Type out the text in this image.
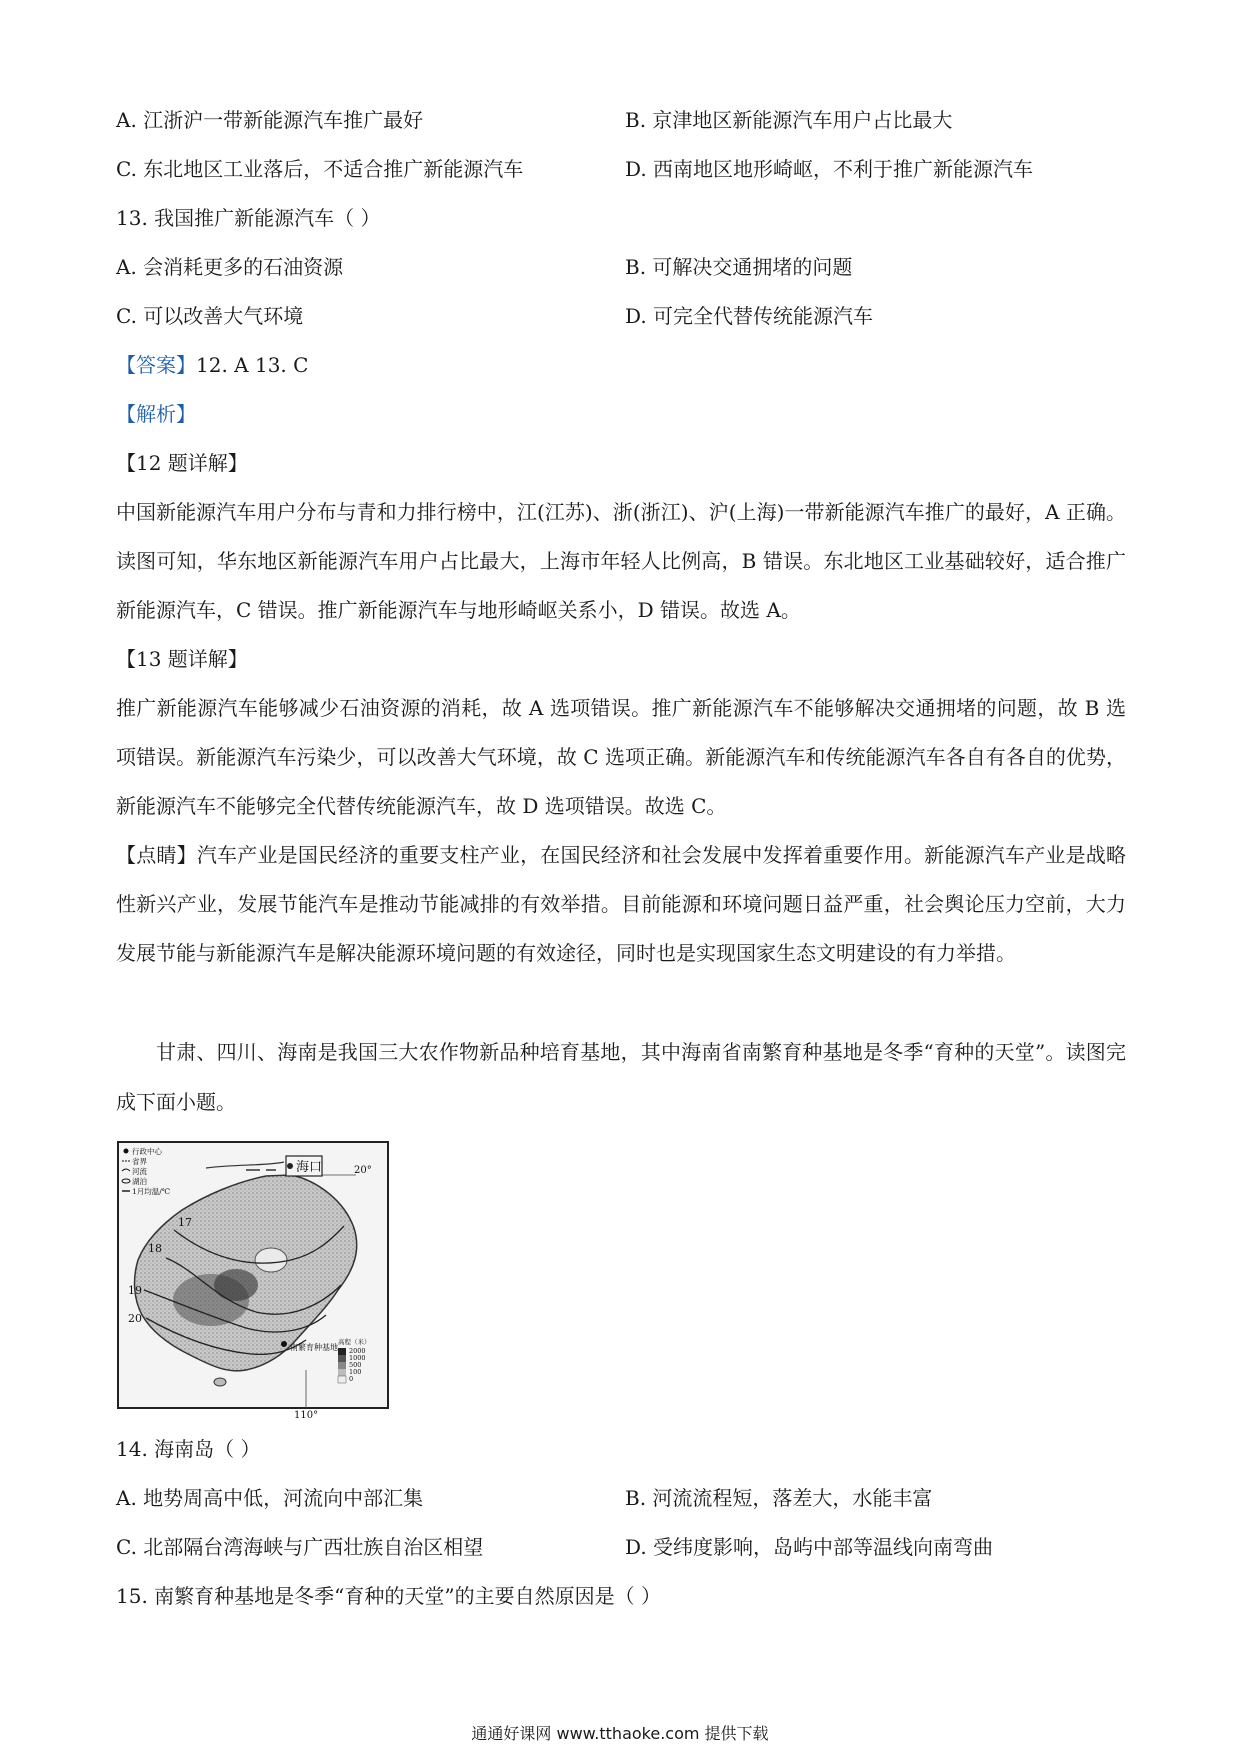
A. 江浙沪一带新能源汽车推广最好	B. 京津地区新能源汽车用户占比最大
C. 东北地区工业落后，不适合推广新能源汽车	D. 西南地区地形崎岖，不利于推广新能源汽车
13. 我国推广新能源汽车（ ）
A. 会消耗更多的石油资源	B. 可解决交通拥堵的问题
C. 可以改善大气环境	D. 可完全代替传统能源汽车
【答案】12. A 13. C
【解析】
【12 题详解】
中国新能源汽车用户分布与青和力排行榜中，江(江苏)、浙(浙江)、沪(上海)一带新能源汽车推广的最好，A 正确。读图可知，华东地区新能源汽车用户占比最大，上海市年轻人比例高，B 错误。东北地区工业基础较好，适合推广新能源汽车，C 错误。推广新能源汽车与地形崎岖关系小，D 错误。故选 A。
【13 题详解】
推广新能源汽车能够减少石油资源的消耗，故 A 选项错误。推广新能源汽车不能够解决交通拥堵的问题，故 B 选项错误。新能源汽车污染少，可以改善大气环境，故 C 选项正确。新能源汽车和传统能源汽车各自有各自的优势，新能源汽车不能够完全代替传统能源汽车，故 D 选项错误。故选 C。
【点睛】汽车产业是国民经济的重要支柱产业，在国民经济和社会发展中发挥着重要作用。新能源汽车产业是战略性新兴产业，发展节能汽车是推动节能减排的有效举措。目前能源和环境问题日益严重，社会舆论压力空前，大力发展节能与新能源汽车是解决能源环境问题的有效途径，同时也是实现国家生态文明建设的有力举措。
甘肃、四川、海南是我国三大农作物新品种培育基地，其中海南省南繁育种基地是冬季“育种的天堂”。读图完成下面小题。
海口	20°
110°
17
18
19
20
南繁育种基地
行政中心
省界
河流
湖泊
1月均温/℃
高程（米）
2000
1000
500
100
0
14. 海南岛（ ）
A. 地势周高中低，河流向中部汇集	B. 河流流程短，落差大，水能丰富
C. 北部隔台湾海峡与广西壮族自治区相望	D. 受纬度影响，岛屿中部等温线向南弯曲
15. 南繁育种基地是冬季“育种的天堂”的主要自然原因是（ ）
通通好课网 www.tthaoke.com 提供下载
